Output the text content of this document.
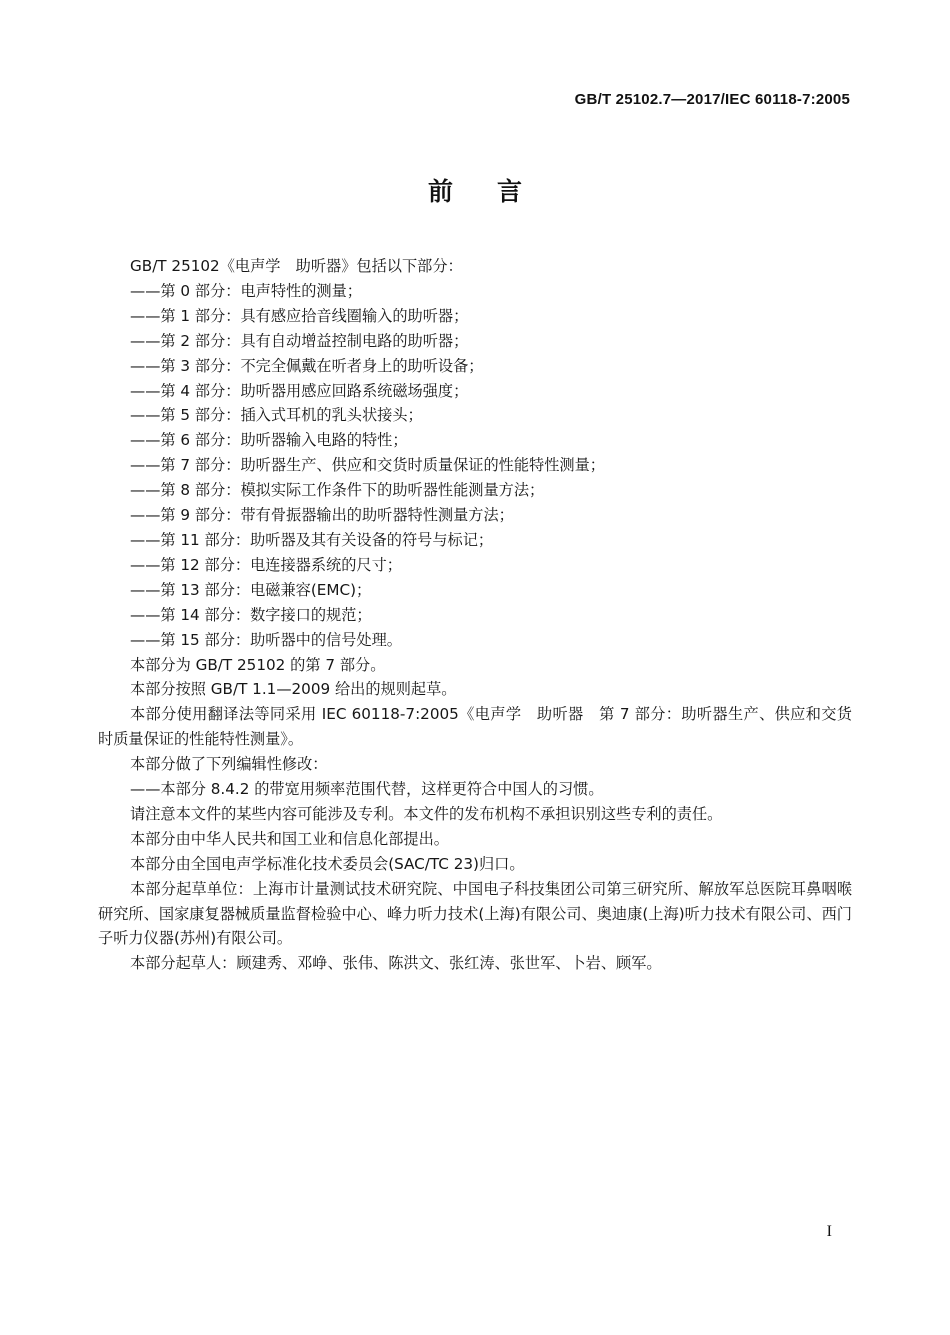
GB/T 25102.7—2017/IEC 60118-7:2005
前言

GB/T 25102《电声学　助听器》包括以下部分：

——第 0 部分：电声特性的测量；

——第 1 部分：具有感应拾音线圈输入的助听器；

——第 2 部分：具有自动增益控制电路的助听器；

——第 3 部分：不完全佩戴在听者身上的助听设备；

——第 4 部分：助听器用感应回路系统磁场强度；

——第 5 部分：插入式耳机的乳头状接头；

——第 6 部分：助听器输入电路的特性；

——第 7 部分：助听器生产、供应和交货时质量保证的性能特性测量；

——第 8 部分：模拟实际工作条件下的助听器性能测量方法；

——第 9 部分：带有骨振器输出的助听器特性测量方法；

——第 11 部分：助听器及其有关设备的符号与标记；

——第 12 部分：电连接器系统的尺寸；

——第 13 部分：电磁兼容(EMC)；

——第 14 部分：数字接口的规范；

——第 15 部分：助听器中的信号处理。

本部分为 GB/T 25102 的第 7 部分。

本部分按照 GB/T 1.1—2009 给出的规则起草。

本部分使用翻译法等同采用 IEC 60118-7:2005《电声学　助听器　第 7 部分：助听器生产、供应和交货时质量保证的性能特性测量》。

本部分做了下列编辑性修改：

——本部分 8.4.2 的带宽用频率范围代替，这样更符合中国人的习惯。

请注意本文件的某些内容可能涉及专利。本文件的发布机构不承担识别这些专利的责任。

本部分由中华人民共和国工业和信息化部提出。

本部分由全国电声学标准化技术委员会(SAC/TC 23)归口。

本部分起草单位：上海市计量测试技术研究院、中国电子科技集团公司第三研究所、解放军总医院耳鼻咽喉研究所、国家康复器械质量监督检验中心、峰力听力技术(上海)有限公司、奥迪康(上海)听力技术有限公司、西门子听力仪器(苏州)有限公司。

本部分起草人：顾建秀、邓峥、张伟、陈洪文、张红涛、张世军、卜岩、顾军。

I
